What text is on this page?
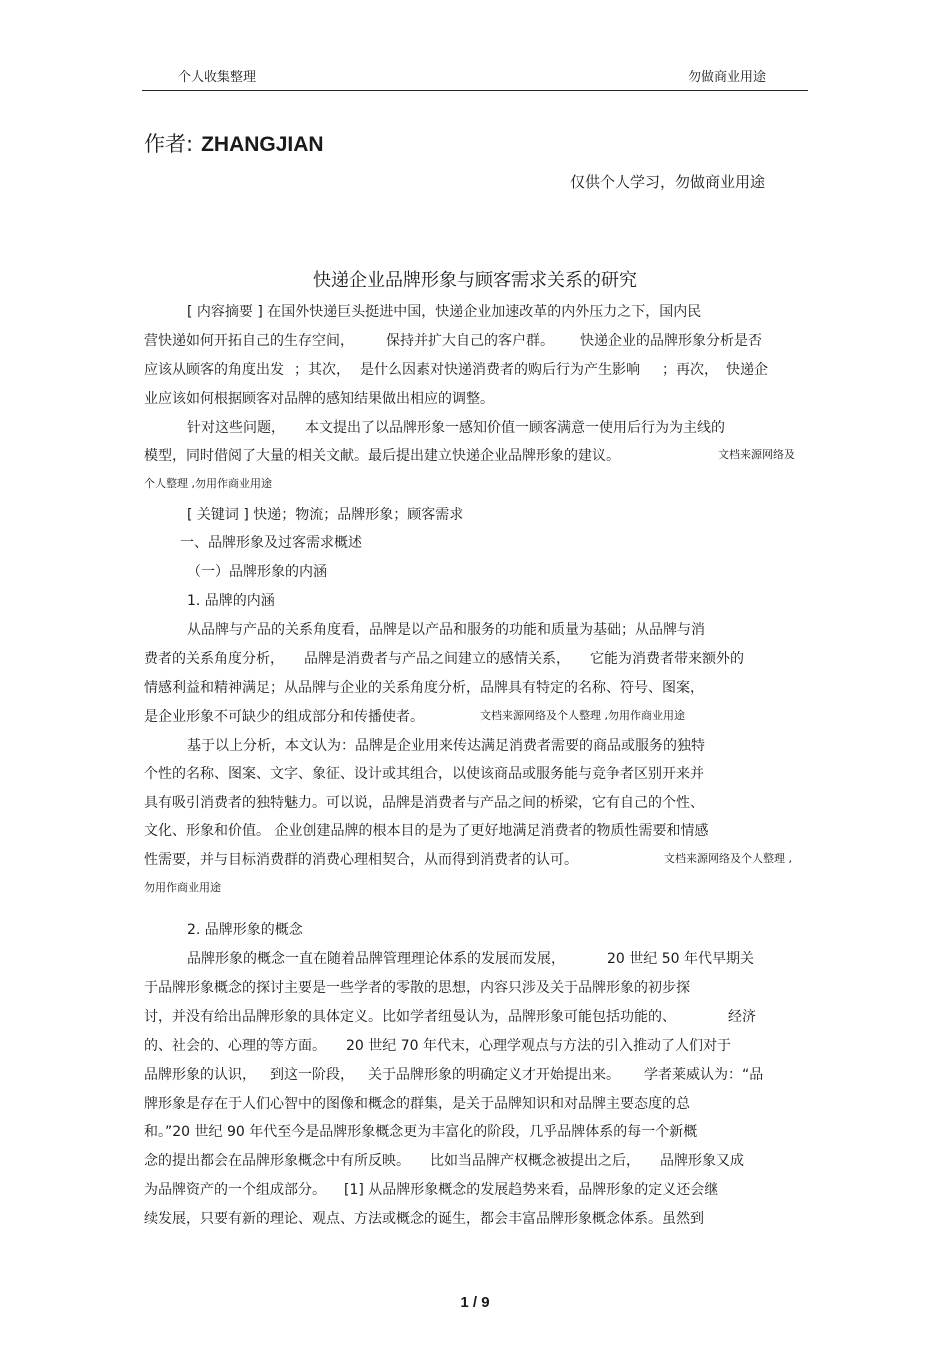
个人收集整理	勿做商业用途
作者: ZHANGJIAN
仅供个人学习，勿做商业用途
快递企业品牌形象与顾客需求关系的研究
[ 内容摘要 ] 在国外快递巨头挺进中国，快递企业加速改革的内外压力之下，国内民
营快递如何开拓自己的生存空间， 保持并扩大自己的客户群。 快递企业的品牌形象分析是否
应该从顾客的角度出发 ；其次， 是什么因素对快递消费者的购后行为产生影响 ；再次， 快递企
业应该如何根据顾客对品牌的感知结果做出相应的调整。
针对这些问题， 本文提出了以品牌形象一感知价值一顾客满意一使用后行为为主线的
模型，同时借阅了大量的相关文献。最后提出建立快递企业品牌形象的建议。	文档来源网络及
个人整理 ,勿用作商业用途
[ 关键词 ] 快递；物流；品牌形象；顾客需求
一、品牌形象及过客需求概述
（一）品牌形象的内涵
1. 品牌的内涵
从品牌与产品的关系角度看，品牌是以产品和服务的功能和质量为基础；从品牌与消
费者的关系角度分析， 品牌是消费者与产品之间建立的感情关系， 它能为消费者带来额外的
情感利益和精神满足；从品牌与企业的关系角度分析，品牌具有特定的名称、符号、图案，
是企业形象不可缺少的组成部分和传播使者。	文档来源网络及个人整理 ,勿用作商业用途
基于以上分析，本文认为：品牌是企业用来传达满足消费者需要的商品或服务的独特
个性的名称、图案、文字、象征、设计或其组合，以使该商品或服务能与竞争者区别开来并
具有吸引消费者的独特魅力。可以说，品牌是消费者与产品之间的桥梁，它有自己的个性、
文化、形象和价值。 企业创建品牌的根本目的是为了更好地满足消费者的物质性需要和情感
性需要，并与目标消费群的消费心理相契合，从而得到消费者的认可。	文档来源网络及个人整理 ,
勿用作商业用途
2. 品牌形象的概念
品牌形象的概念一直在随着品牌管理理论体系的发展而发展，	20 世纪 50 年代早期关
于品牌形象概念的探讨主要是一些学者的零散的思想，内容只涉及关于品牌形象的初步探
讨，并没有给出品牌形象的具体定义。比如学者纽曼认为，品牌形象可能包括功能的、	经济
的、社会的、心理的等方面。 20 世纪 70 年代末，心理学观点与方法的引入推动了人们对于
品牌形象的认识， 到这一阶段， 关于品牌形象的明确定义才开始提出来。 学者莱威认为：“品
牌形象是存在于人们心智中的图像和概念的群集，是关于品牌知识和对品牌主要态度的总
和。”20 世纪 90 年代至今是品牌形象概念更为丰富化的阶段，几乎品牌体系的每一个新概
念的提出都会在品牌形象概念中有所反映。 比如当品牌产权概念被提出之后， 品牌形象又成
为品牌资产的一个组成部分。 [1] 从品牌形象概念的发展趋势来看，品牌形象的定义还会继
续发展，只要有新的理论、观点、方法或概念的诞生，都会丰富品牌形象概念体系。虽然到
1 / 9
